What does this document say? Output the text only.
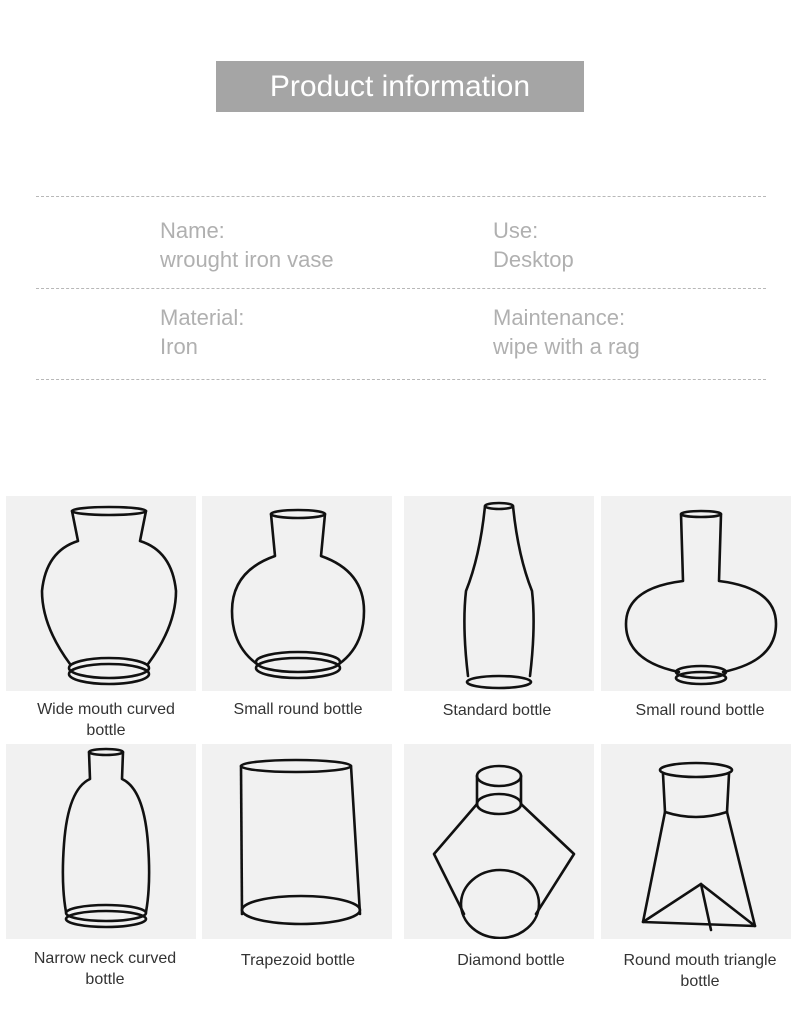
Product information
Name:
wrought iron vase
Use:
Desktop
Material:
Iron
Maintenance:
wipe with a rag
Wide mouth curved
bottle
Small round bottle	Standard bottle	Small round bottle
Narrow neck curved
bottle
Trapezoid bottle	Diamond bottle	Round mouth triangle
bottle
